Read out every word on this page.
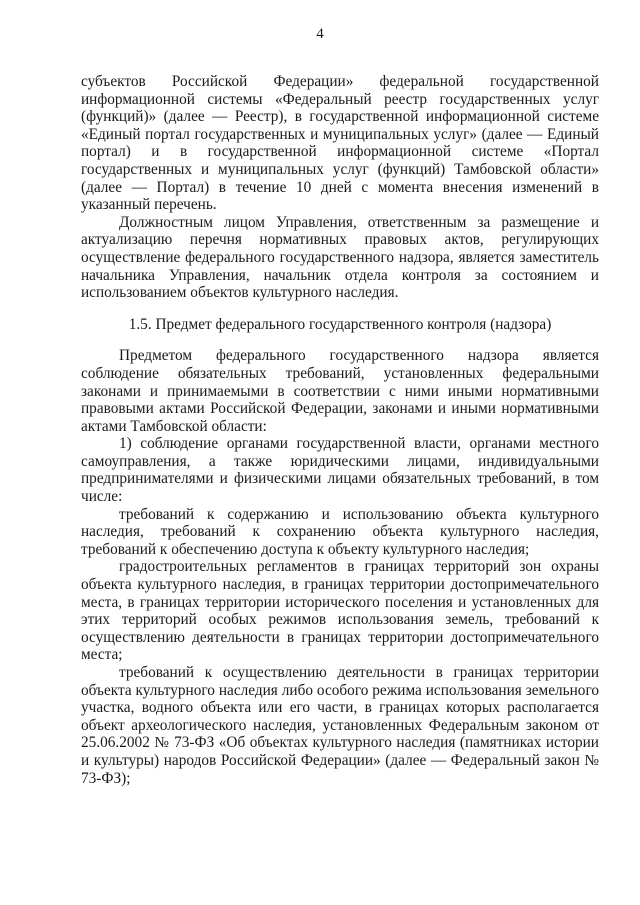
4

субъектов Российской Федерации» федеральной государственной информационной системы «Федеральный реестр государственных услуг (функций)» (далее — Реестр), в государственной информационной системе «Единый портал государственных и муниципальных услуг» (далее — Единый портал) и в государственной информационной системе «Портал государственных и муниципальных услуг (функций) Тамбовской области» (далее — Портал) в течение 10 дней с момента внесения изменений в указанный перечень.

Должностным лицом Управления, ответственным за размещение и актуализацию перечня нормативных правовых актов, регулирующих осуществление федерального государственного надзора, является заместитель начальника Управления, начальник отдела контроля за состоянием и использованием объектов культурного наследия.

1.5. Предмет федерального государственного контроля (надзора)

Предметом федерального государственного надзора является соблюдение обязательных требований, установленных федеральными законами и принимаемыми в соответствии с ними иными нормативными правовыми актами Российской Федерации, законами и иными нормативными актами Тамбовской области:

1) соблюдение органами государственной власти, органами местного самоуправления, а также юридическими лицами, индивидуальными предпринимателями и физическими лицами обязательных требований, в том числе:

требований к содержанию и использованию объекта культурного наследия, требований к сохранению объекта культурного наследия, требований к обеспечению доступа к объекту культурного наследия;

градостроительных регламентов в границах территорий зон охраны объекта культурного наследия, в границах территории достопримечательного места, в границах территории исторического поселения и установленных для этих территорий особых режимов использования земель, требований к осуществлению деятельности в границах территории достопримечательного места;

требований к осуществлению деятельности в границах территории объекта культурного наследия либо особого режима использования земельного участка, водного объекта или его части, в границах которых располагается объект археологического наследия, установленных Федеральным законом от 25.06.2002 № 73-ФЗ «Об объектах культурного наследия (памятниках истории и культуры) народов Российской Федерации» (далее — Федеральный закон № 73-ФЗ);
